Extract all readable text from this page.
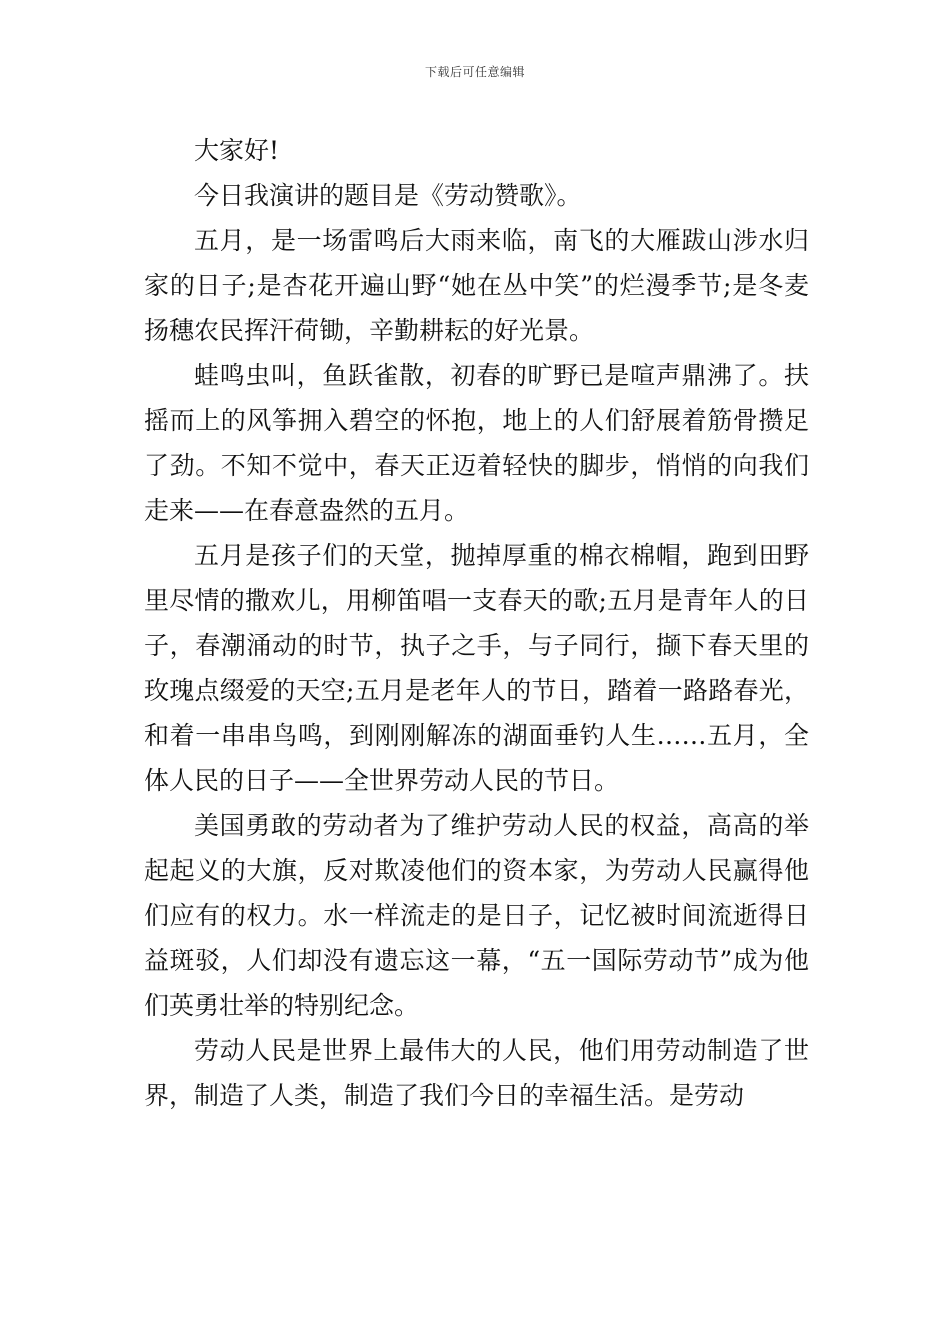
下载后可任意编辑

大家好!

今日我演讲的题目是《劳动赞歌》。

五月，是一场雷鸣后大雨来临，南飞的大雁跋山涉水归家的日子;是杏花开遍山野“她在丛中笑”的烂漫季节;是冬麦扬穗农民挥汗荷锄，辛勤耕耘的好光景。

蛙鸣虫叫，鱼跃雀散，初春的旷野已是喧声鼎沸了。扶摇而上的风筝拥入碧空的怀抱，地上的人们舒展着筋骨攒足了劲。不知不觉中，春天正迈着轻快的脚步，悄悄的向我们走来——在春意盎然的五月。

五月是孩子们的天堂，抛掉厚重的棉衣棉帽，跑到田野里尽情的撒欢儿，用柳笛唱一支春天的歌;五月是青年人的日子，春潮涌动的时节，执子之手，与子同行，撷下春天里的玫瑰点缀爱的天空;五月是老年人的节日，踏着一路路春光，和着一串串鸟鸣，到刚刚解冻的湖面垂钓人生……五月，全体人民的日子——全世界劳动人民的节日。

美国勇敢的劳动者为了维护劳动人民的权益，高高的举起起义的大旗，反对欺凌他们的资本家，为劳动人民赢得他们应有的权力。水一样流走的是日子，记忆被时间流逝得日益斑驳，人们却没有遗忘这一幕，“五一国际劳动节”成为他们英勇壮举的特别纪念。

劳动人民是世界上最伟大的人民，他们用劳动制造了世界，制造了人类，制造了我们今日的幸福生活。是劳动
